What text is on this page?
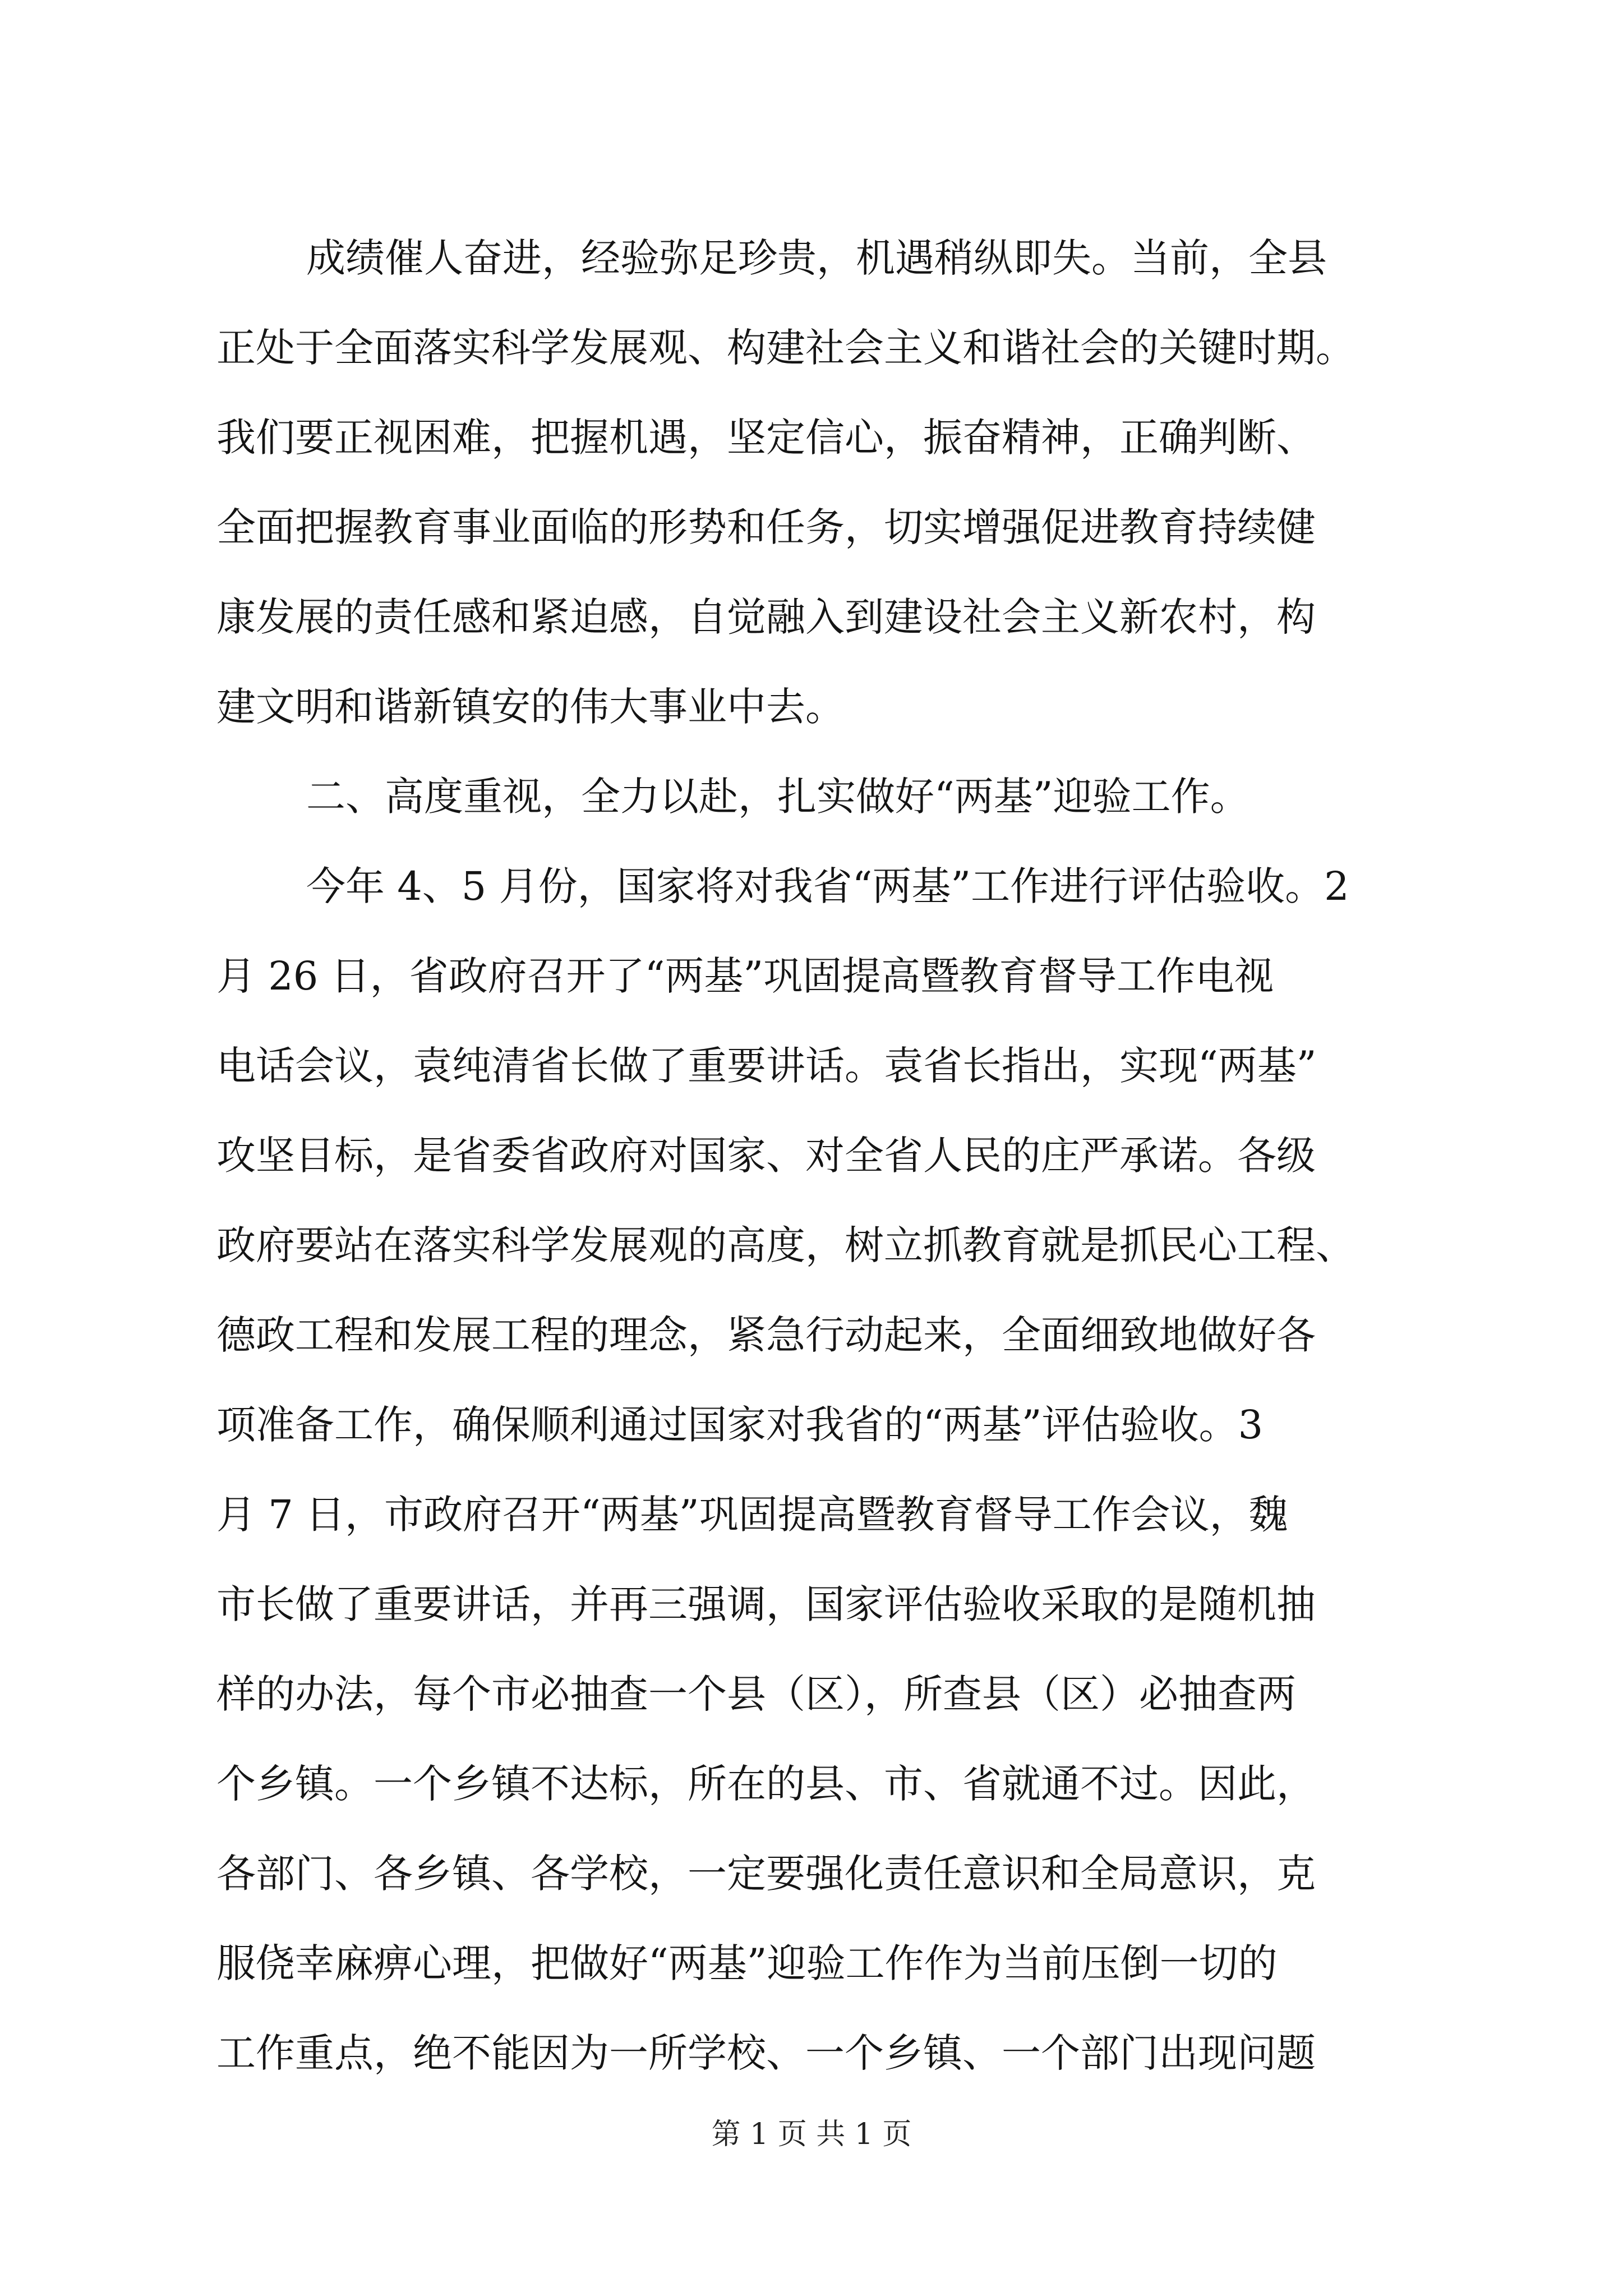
成绩催人奋进，经验弥足珍贵，机遇稍纵即失。当前，全县
正处于全面落实科学发展观、构建社会主义和谐社会的关键时期。
我们要正视困难，把握机遇，坚定信心，振奋精神，正确判断、
全面把握教育事业面临的形势和任务，切实增强促进教育持续健
康发展的责任感和紧迫感，自觉融入到建设社会主义新农村，构
建文明和谐新镇安的伟大事业中去。
二、高度重视，全力以赴，扎实做好“两基”迎验工作。
今年 4、5 月份，国家将对我省“两基”工作进行评估验收。2
月 26 日，省政府召开了“两基”巩固提高暨教育督导工作电视
电话会议，袁纯清省长做了重要讲话。袁省长指出，实现“两基”
攻坚目标，是省委省政府对国家、对全省人民的庄严承诺。各级
政府要站在落实科学发展观的高度，树立抓教育就是抓民心工程、
德政工程和发展工程的理念，紧急行动起来，全面细致地做好各
项准备工作，确保顺利通过国家对我省的“两基”评估验收。3
月 7 日，市政府召开“两基”巩固提高暨教育督导工作会议，魏
市长做了重要讲话，并再三强调，国家评估验收采取的是随机抽
样的办法，每个市必抽查一个县（区），所查县（区）必抽查两
个乡镇。一个乡镇不达标，所在的县、市、省就通不过。因此，
各部门、各乡镇、各学校，一定要强化责任意识和全局意识，克
服侥幸麻痹心理，把做好“两基”迎验工作作为当前压倒一切的
工作重点，绝不能因为一所学校、一个乡镇、一个部门出现问题
第 1 页 共 1 页
